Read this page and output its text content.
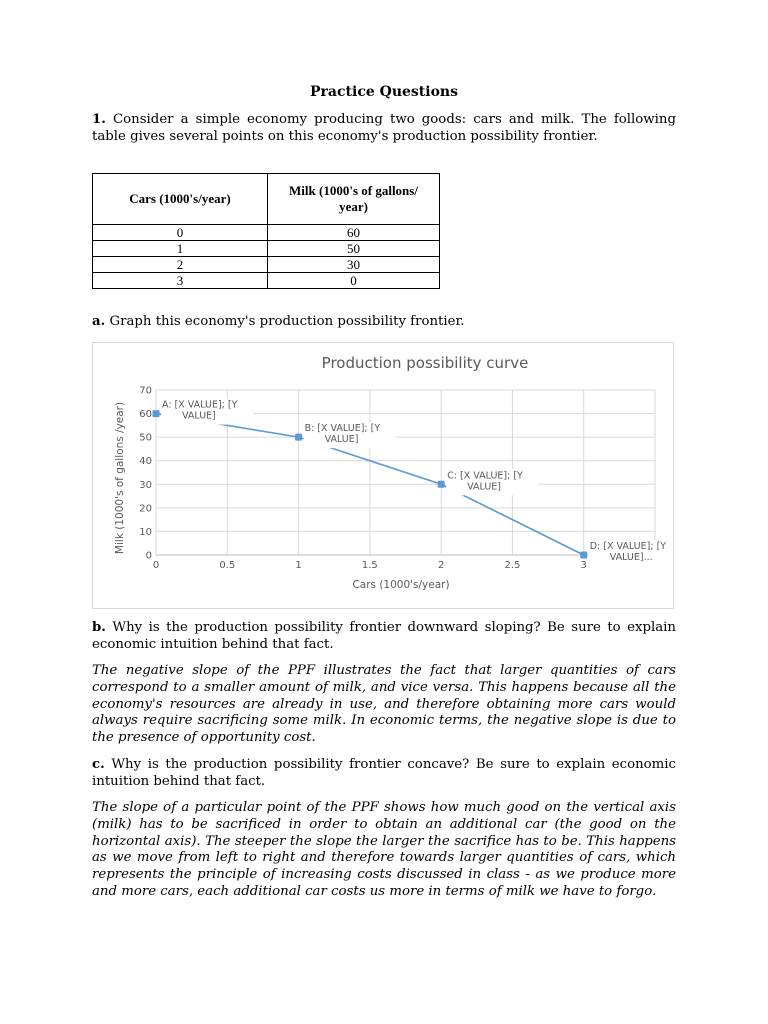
Practice Questions
1. Consider a simple economy producing two goods: cars and milk. The following table gives several points on this economy's production possibility frontier.
Cars (1000's/year)	Milk (1000's of gallons/ year)
0	60
1	50
2	30
3	0
a. Graph this economy's production possibility frontier.
Production possibility curve
0
10
20
30
40
50
60
70
0	0.5	1	1.5	2	2.5	3
A: [X VALUE]; [Y
VALUE]
B: [X VALUE]; [Y
VALUE]
C: [X VALUE]; [Y
VALUE]
D: [X VALUE]; [Y
VALUE]...
Cars (1000's/year)
Milk (1000's of gallons /year)
b. Why is the production possibility frontier downward sloping? Be sure to explain economic intuition behind that fact.
The negative slope of the PPF illustrates the fact that larger quantities of cars correspond to a smaller amount of milk, and vice versa. This happens because all the economy's resources are already in use, and therefore obtaining more cars would always require sacrificing some milk. In economic terms, the negative slope is due to the presence of opportunity cost.
c. Why is the production possibility frontier concave? Be sure to explain economic intuition behind that fact.
The slope of a particular point of the PPF shows how much good on the vertical axis (milk) has to be sacrificed in order to obtain an additional car (the good on the horizontal axis). The steeper the slope the larger the sacrifice has to be. This happens as we move from left to right and therefore towards larger quantities of cars, which represents the principle of increasing costs discussed in class - as we produce more and more cars, each additional car costs us more in terms of milk we have to forgo.
